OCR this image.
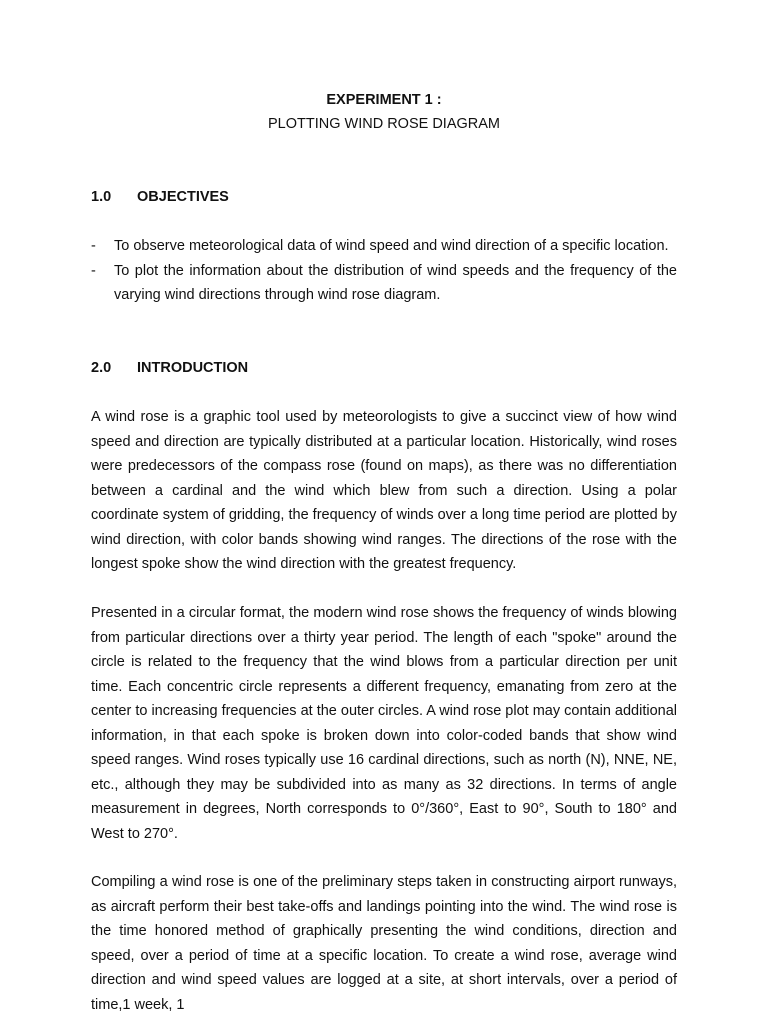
EXPERIMENT 1 :
PLOTTING WIND ROSE DIAGRAM
1.0 OBJECTIVES
- To observe meteorological data of wind speed and wind direction of a specific location.
- To plot the information about the distribution of wind speeds and the frequency of the varying wind directions through wind rose diagram.
2.0 INTRODUCTION

A wind rose is a graphic tool used by meteorologists to give a succinct view of how wind speed and direction are typically distributed at a particular location. Historically, wind roses were predecessors of the compass rose (found on maps), as there was no differentiation between a cardinal and the wind which blew from such a direction. Using a polar coordinate system of gridding, the frequency of winds over a long time period are plotted by wind direction, with color bands showing wind ranges. The directions of the rose with the longest spoke show the wind direction with the greatest frequency.

Presented in a circular format, the modern wind rose shows the frequency of winds blowing from particular directions over a thirty year period. The length of each "spoke" around the circle is related to the frequency that the wind blows from a particular direction per unit time. Each concentric circle represents a different frequency, emanating from zero at the center to increasing frequencies at the outer circles. A wind rose plot may contain additional information, in that each spoke is broken down into color-coded bands that show wind speed ranges. Wind roses typically use 16 cardinal directions, such as north (N), NNE, NE, etc., although they may be subdivided into as many as 32 directions. In terms of angle measurement in degrees, North corresponds to 0°/360°, East to 90°, South to 180° and West to 270°.

Compiling a wind rose is one of the preliminary steps taken in constructing airport runways, as aircraft perform their best take-offs and landings pointing into the wind. The wind rose is the time honored method of graphically presenting the wind conditions, direction and speed, over a period of time at a specific location. To create a wind rose, average wind direction and wind speed values are logged at a site, at short intervals, over a period of time,1 week, 1
